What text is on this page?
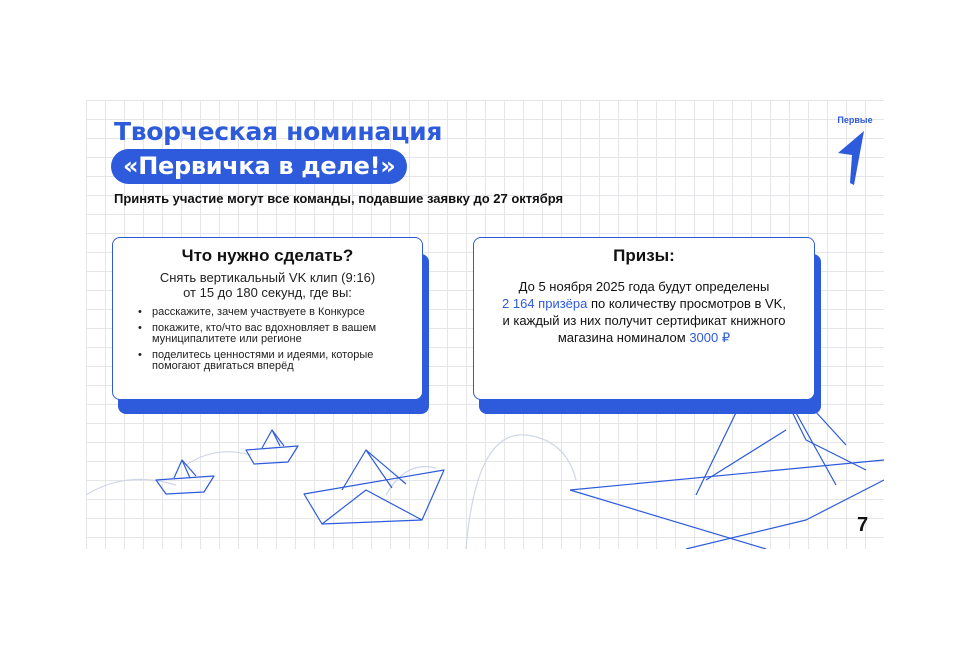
Творческая номинация
«Первичка в деле!»
Принять участие могут все команды, подавшие заявку до 27 октября
Первые
Что нужно сделать?
Снять вертикальный VK клип (9:16)
от 15 до 180 секунд, где вы:
• расскажите, зачем участвуете в Конкурсе
• покажите, кто/что вас вдохновляет в вашем муниципалитете или регионе
• поделитесь ценностями и идеями, которые помогают двигаться вперёд
Призы:
До 5 ноября 2025 года будут определены
2 164 призёра по количеству просмотров в VK,
и каждый из них получит сертификат книжного
магазина номиналом 3000 ₽
7
